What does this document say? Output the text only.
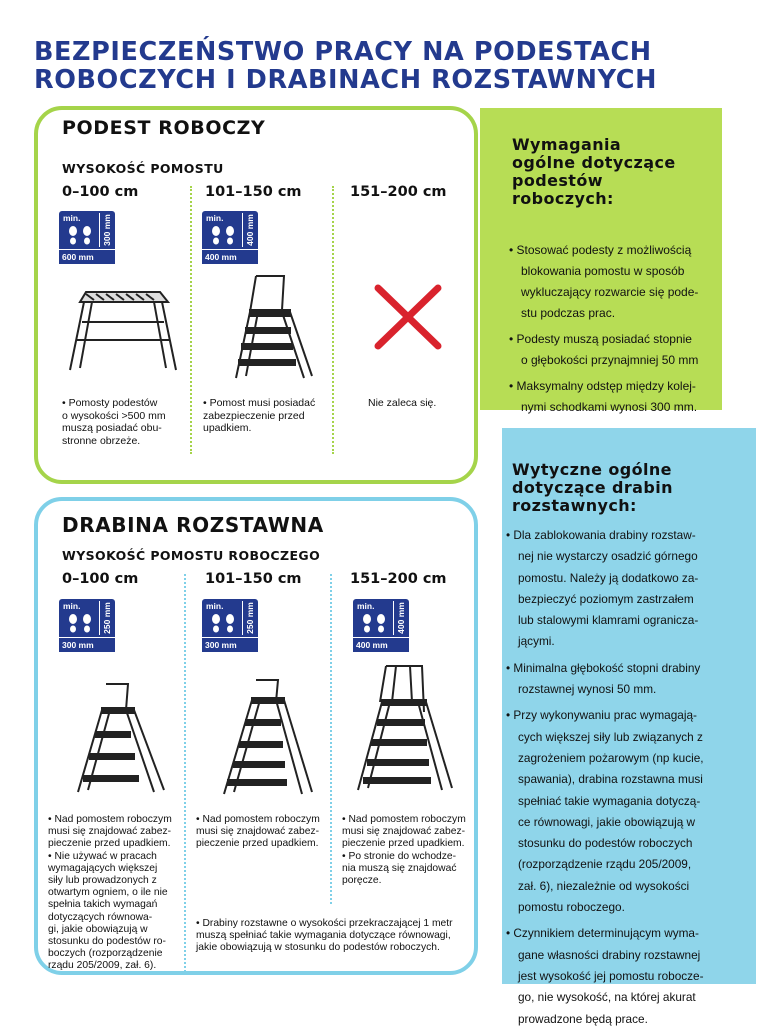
BEZPIECZEŃSTWO PRACY NA PODESTACH
ROBOCZYCH I DRABINACH ROZSTAWNYCH
PODEST ROBOCZY
WYSOKOŚĆ POMOSTU
0–100 cm	101–150 cm	151–200 cm
min.	300 mm
600 mm
min.	400 mm
400 mm
• Pomosty podestów
o wysokości >500 mm
muszą posiadać obu-
stronne obrzeże.
• Pomost musi posiadać
zabezpieczenie przed
upadkiem.
Nie zaleca się.
DRABINA ROZSTAWNA
WYSOKOŚĆ POMOSTU ROBOCZEGO
0–100 cm	101–150 cm	151–200 cm
min.	250 mm
300 mm
min.	250 mm
300 mm
min.	400 mm
400 mm
• Nad pomostem roboczym
musi się znajdować zabez-
pieczenie przed upadkiem.
• Nie używać w pracach
wymagających większej
siły lub prowadzonych z
otwartym ogniem, o ile nie
spełnia takich wymagań
dotyczących równowa-
gi, jakie obowiązują w
stosunku do podestów ro-
boczych (rozporządzenie
rządu 205/2009, zał. 6).
• Nad pomostem roboczym
musi się znajdować zabez-
pieczenie przed upadkiem.
• Nad pomostem roboczym
musi się znajdować zabez-
pieczenie przed upadkiem.
• Po stronie do wchodze-
nia muszą się znajdować
poręcze.
• Drabiny rozstawne o wysokości przekraczającej 1 metr
muszą spełniać takie wymagania dotyczące równowagi,
jakie obowiązują w stosunku do podestów roboczych.
Wymagania
ogólne dotyczące
podestów
roboczych:
• Stosować podesty z możliwością
blokowania pomostu w sposób
wykluczający rozwarcie się pode-
stu podczas prac.
• Podesty muszą posiadać stopnie
o głębokości przynajmniej 50 mm
• Maksymalny odstęp między kolej-
nymi schodkami wynosi 300 mm.
Wytyczne ogólne
dotyczące drabin
rozstawnych:
• Dla zablokowania drabiny rozstaw-
nej nie wystarczy osadzić górnego
pomostu. Należy ją dodatkowo za-
bezpieczyć poziomym zastrzałem
lub stalowymi klamrami ogranicza-
jącymi.
• Minimalna głębokość stopni drabiny
rozstawnej wynosi 50 mm.
• Przy wykonywaniu prac wymagają-
cych większej siły lub związanych z
zagrożeniem pożarowym (np kucie,
spawania), drabina rozstawna musi
spełniać takie wymagania dotyczą-
ce równowagi, jakie obowiązują w
stosunku do podestów roboczych
(rozporządzenie rządu 205/2009,
zał. 6), niezależnie od wysokości
pomostu roboczego.
• Czynnikiem determinującym wyma-
gane własności drabiny rozstawnej
jest wysokość jej pomostu robocze-
go, nie wysokość, na której akurat
prowadzone będą prace.
